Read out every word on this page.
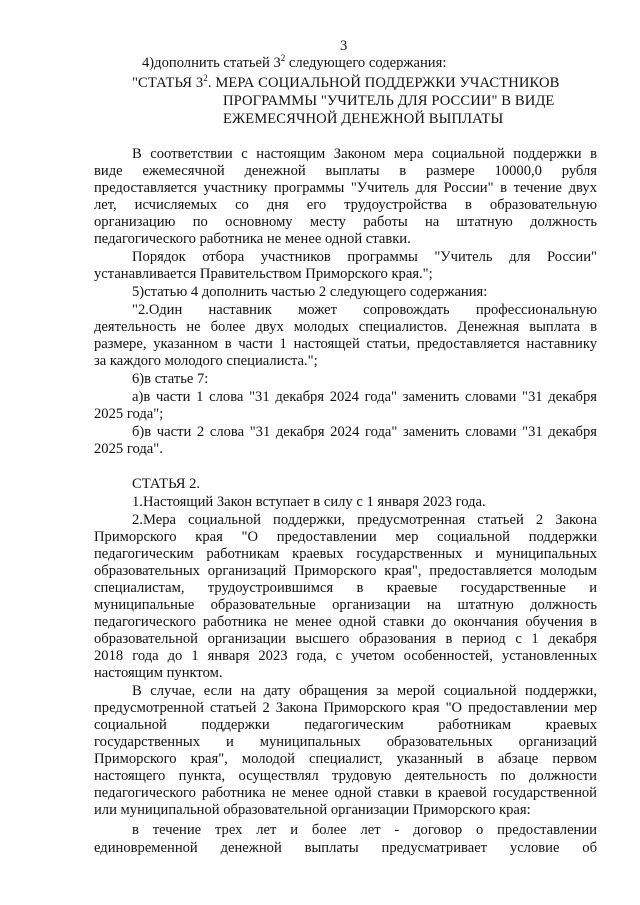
3
4)дополнить статьей $3^2$ следующего содержания:
"СТАТЬЯ $3^2$. МЕРА СОЦИАЛЬНОЙ ПОДДЕРЖКИ УЧАСТНИКОВ
ПРОГРАММЫ "УЧИТЕЛЬ ДЛЯ РОССИИ" В ВИДЕ
ЕЖЕМЕСЯЧНОЙ ДЕНЕЖНОЙ ВЫПЛАТЫ
В соответствии с настоящим Законом мера социальной поддержки в
виде ежемесячной денежной выплаты в размере 10000,0 рубля
предоставляется участнику программы "Учитель для России" в течение двух
лет, исчисляемых со дня его трудоустройства в образовательную
организацию по основному месту работы на штатную должность
педагогического работника не менее одной ставки.
Порядок отбора участников программы "Учитель для России"
устанавливается Правительством Приморского края.";
5)статью 4 дополнить частью 2 следующего содержания:
"2.Один наставник может сопровождать профессиональную
деятельность не более двух молодых специалистов. Денежная выплата в
размере, указанном в части 1 настоящей статьи, предоставляется наставнику
за каждого молодого специалиста.";
6)в статье 7:
а)в части 1 слова "31 декабря 2024 года" заменить словами "31 декабря
2025 года";
б)в части 2 слова "31 декабря 2024 года" заменить словами "31 декабря
2025 года".
СТАТЬЯ 2.
1.Настоящий Закон вступает в силу с 1 января 2023 года.
2.Мера социальной поддержки, предусмотренная статьей 2 Закона
Приморского края "О предоставлении мер социальной поддержки
педагогическим работникам краевых государственных и муниципальных
образовательных организаций Приморского края", предоставляется молодым
специалистам, трудоустроившимся в краевые государственные и
муниципальные образовательные организации на штатную должность
педагогического работника не менее одной ставки до окончания обучения в
образовательной организации высшего образования в период с 1 декабря
2018 года до 1 января 2023 года, с учетом особенностей, установленных
настоящим пунктом.
В случае, если на дату обращения за мерой социальной поддержки,
предусмотренной статьей 2 Закона Приморского края "О предоставлении мер
социальной поддержки педагогическим работникам краевых
государственных и муниципальных образовательных организаций
Приморского края", молодой специалист, указанный в абзаце первом
настоящего пункта, осуществлял трудовую деятельность по должности
педагогического работника не менее одной ставки в краевой государственной
или муниципальной образовательной организации Приморского края:
в течение трех лет и более лет - договор о предоставлении
единовременной денежной выплаты предусматривает условие об
